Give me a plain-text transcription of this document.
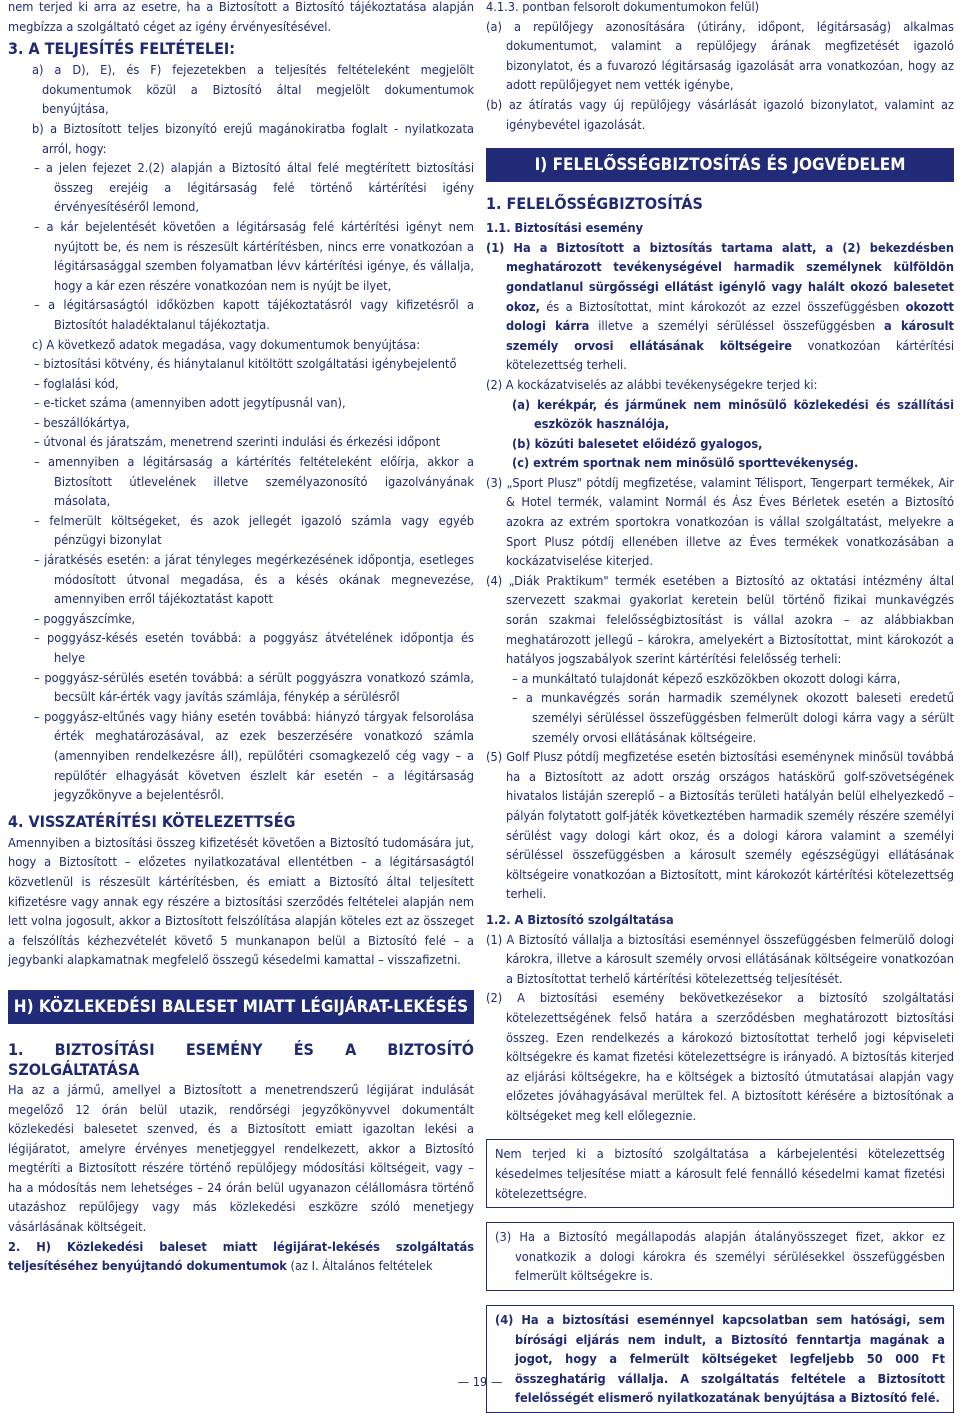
nem terjed ki arra az esetre, ha a Biztosított a Biztosító tájékoztatása alapján megbízza a szolgáltató céget az igény érvényesítésével.

3. A TELJESÍTÉS FELTÉTELEI:

a) a D), E), és F) fejezetekben a teljesítés feltételeként megjelölt dokumentumok közül a Biztosító által megjelölt dokumentumok benyújtása,

b) a Biztosított teljes bizonyító erejű magánokiratba foglalt - nyilatkozata arról, hogy:

– a jelen fejezet 2.(2) alapján a Biztosító által felé megtérített biztosítási összeg erejéig a légitársaság felé történő kártérítési igény érvényesítéséről lemond,

– a kár bejelentését követően a légitársaság felé kártérítési igényt nem nyújtott be, és nem is részesült kártérítésben, nincs erre vonatkozóan a légitársasággal szemben folyamatban lévv kártérítési igénye, és vállalja, hogy a kár ezen részére vonatkozóan nem is nyújt be ilyet,

– a légitársaságtól időközben kapott tájékoztatásról vagy kifizetésről a Biztosítót haladéktalanul tájékoztatja.

c) A következő adatok megadása, vagy dokumentumok benyújtása:

– biztosítási kötvény, és hiánytalanul kitöltött szolgáltatási igénybejelentő

– foglalási kód,

– e-ticket száma (amennyiben adott jegytípusnál van),

– beszállókártya,

– útvonal és járatszám, menetrend szerinti indulási és érkezési időpont

– amennyiben a légitársaság a kártérítés feltételeként előírja, akkor a Biztosított útlevelének illetve személyazonosító igazolványának másolata,

– felmerült költségeket, és azok jellegét igazoló számla vagy egyéb pénzügyi bizonylat

– járatkésés esetén: a járat tényleges megérkezésének időpontja, esetleges módosított útvonal megadása, és a késés okának megnevezése, amennyiben erről tájékoztatást kapott

– poggyászcímke,

– poggyász-késés esetén továbbá: a poggyász átvételének időpontja és helye

– poggyász-sérülés esetén továbbá: a sérült poggyászra vonatkozó számla, becsült kár-érték vagy javítás számlája, fénykép a sérülésről

– poggyász-eltűnés vagy hiány esetén továbbá: hiányzó tárgyak felsorolása érték meghatározásával, az ezek beszerzésére vonatkozó számla (amennyiben rendelkezésre áll), repülőtéri csomagkezelő cég vagy – a repülőtér elhagyását követven észlelt kár esetén – a légitársaság jegyzőkönyve a bejelentésről.

4. VISSZATÉRÍTÉSI KÖTELEZETTSÉG

Amennyiben a biztosítási összeg kifizetését követően a Biztosító tudomására jut, hogy a Biztosított – előzetes nyilatkozatával ellentétben – a légitársaságtól közvetlenül is részesült kártérítésben, és emiatt a Biztosító által teljesített kifizetésre vagy annak egy részére a biztosítási szerződés feltételei alapján nem lett volna jogosult, akkor a Biztosított felszólítása alapján köteles ezt az összeget a felszólítás kézhezvételét követő 5 munkanapon belül a Biztosító felé – a jegybanki alapkamatnak megfelelő összegű késedelmi kamattal – visszafizetni.

H) KÖZLEKEDÉSI BALESET MIATT LÉGIJÁRAT-LEKÉSÉS

1. BIZTOSÍTÁSI ESEMÉNY ÉS A BIZTOSÍTÓ SZOLGÁLTATÁSA

Ha az a jármű, amellyel a Biztosított a menetrendszerű légijárat indulását megelőző 12 órán belül utazik, rendőrségi jegyzőkönyvvel dokumentált közlekedési balesetet szenved, és a Biztosított emiatt igazoltan lekési a légijáratot, amelyre érvényes menetjeggyel rendelkezett, akkor a Biztosító megtéríti a Biztosított részére történő repülőjegy módosítási költségeit, vagy – ha a módosítás nem lehetséges – 24 órán belül ugyanazon célállomásra történő utazáshoz repülőjegy vagy más közlekedési eszközre szóló menetjegy vásárlásának költségeit.

2. H) Közlekedési baleset miatt légijárat-lekésés szolgáltatás teljesítéséhez benyújtandó dokumentumok (az I. Általános feltételek

4.1.3. pontban felsorolt dokumentumokon felül)

(a) a repülőjegy azonosítására (útirány, időpont, légitársaság) alkalmas dokumentumot, valamint a repülőjegy árának megfizetését igazoló bizonylatot, és a fuvarozó légitársaság igazolását arra vonatkozóan, hogy az adott repülőjegyet nem vették igénybe,

(b) az átíratás vagy új repülőjegy vásárlását igazoló bizonylatot, valamint az igénybevétel igazolását.

I) FELELŐSSÉGBIZTOSÍTÁS ÉS JOGVÉDELEM

1. FELELŐSSÉGBIZTOSÍTÁS

1.1. Biztosítási esemény

(1) Ha a Biztosított a biztosítás tartama alatt, a (2) bekezdésben meghatározott tevékenységével harmadik személynek külföldön gondatlanul sürgősségi ellátást igénylő vagy halált okozó balesetet okoz, és a Biztosítottat, mint károkozót az ezzel összefüggésben okozott dologi kárra illetve a személyi sérüléssel összefüggésben a károsult személy orvosi ellátásának költségeire vonatkozóan kártérítési kötelezettség terheli.

(2) A kockázatviselés az alábbi tevékenységekre terjed ki:

(a) kerékpár, és járműnek nem minősülő közlekedési és szállítási eszközök használója,

(b) közúti balesetet előidéző gyalogos,

(c) extrém sportnak nem minősülő sporttevékenység.

(3) „Sport Plusz" pótdíj megfizetése, valamint Télisport, Tengerpart termékek, Air & Hotel termék, valamint Normál és Ász Éves Bérletek esetén a Biztosító azokra az extrém sportokra vonatkozóan is vállal szolgáltatást, melyekre a Sport Plusz pótdíj ellenében illetve az Éves termékek vonatkozásában a kockázatviselése kiterjed.

(4) „Diák Praktikum" termék esetében a Biztosító az oktatási intézmény által szervezett szakmai gyakorlat keretein belül történő fizikai munkavégzés során szakmai felelősségbiztosítást is vállal azokra – az alábbiakban meghatározott jellegű – károkra, amelyekért a Biztosítottat, mint károkozót a hatályos jogszabályok szerint kártérítési felelősség terheli:

– a munkáltató tulajdonát képező eszközökben okozott dologi kárra,

– a munkavégzés során harmadik személynek okozott baleseti eredetű személyi sérüléssel összefüggésben felmerült dologi kárra vagy a sérült személy orvosi ellátásának költségeire.

(5) Golf Plusz pótdíj megfizetése esetén biztosítási eseménynek minősül továbbá ha a Biztosított az adott ország országos hatáskörű golf-szövetségének hivatalos listáján szereplő – a Biztosítás területi hatályán belül elhelyezkedő – pályán folytatott golf-játék következtében harmadik személy részére személyi sérülést vagy dologi kárt okoz, és a dologi károra valamint a személyi sérüléssel összefüggésben a károsult személy egészségügyi ellátásának költségeire vonatkozóan a Biztosított, mint károkozót kártérítési kötelezettség terheli.

1.2. A Biztosító szolgáltatása

(1) A Biztosító vállalja a biztosítási eseménnyel összefüggésben felmerülő dologi károkra, illetve a károsult személy orvosi ellátásának költségeire vonatkozóan a Biztosítottat terhelő kártérítési kötelezettség teljesítését.

(2) A biztosítási esemény bekövetkezésekor a biztosító szolgáltatási kötelezettségének felső határa a szerződésben meghatározott biztosítási összeg. Ezen rendelkezés a károkozó biztosítottat terhelő jogi képviseleti költségekre és kamat fizetési kötelezettségre is irányadó. A biztosítás kiterjed az eljárási költségekre, ha e költségek a biztosító útmutatásai alapján vagy előzetes jóváhagyásával merültek fel. A biztosított kérésére a biztosítónak a költségeket meg kell előlegeznie.

Nem terjed ki a biztosító szolgáltatása a kárbejelentési kötelezettség késedelmes teljesítése miatt a károsult felé fennálló késedelmi kamat fizetési kötelezettségre.

(3) Ha a Biztosító megállapodás alapján átalányösszeget fizet, akkor ez vonatkozik a dologi károkra és személyi sérülésekkel összefüggésben felmerült költségekre is.

(4) Ha a biztosítási eseménnyel kapcsolatban sem hatósági, sem bírósági eljárás nem indult, a Biztosító fenntartja magának a jogot, hogy a felmerült költségeket legfeljebb 50 000 Ft összeghatárig vállalja. A szolgáltatás feltétele a Biztosított felelősségét elismerő nyilatkozatának benyújtása a Biztosító felé.

— 19 —
